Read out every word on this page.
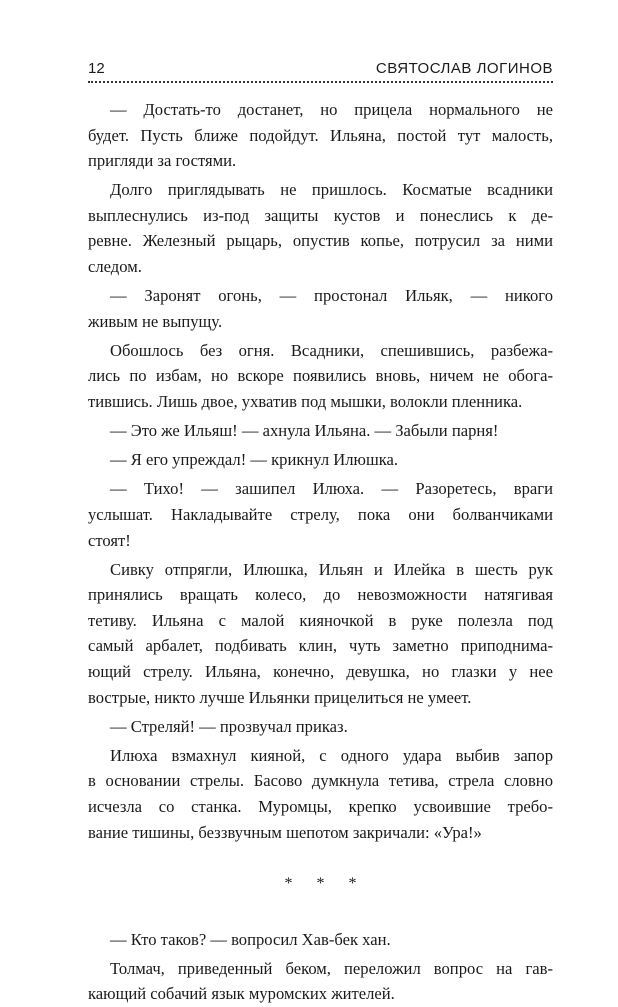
12	СВЯТОСЛАВ ЛОГИНОВ
— Достать-то достанет, но прицела нормального не
будет. Пусть ближе подойдут. Ильяна, постой тут малость,
пригляди за гостями.
Долго приглядывать не пришлось. Косматые всадники
выплеснулись из-под защиты кустов и понеслись к де-
ревне. Железный рыцарь, опустив копье, потрусил за ними
следом.
— Заронят огонь, — простонал Ильяк, — никого
живым не выпущу.
Обошлось без огня. Всадники, спешившись, разбежа-
лись по избам, но вскоре появились вновь, ничем не обога-
тившись. Лишь двое, ухватив под мышки, волокли пленника.
— Это же Ильяш! — ахнула Ильяна. — Забыли парня!
— Я его упреждал! — крикнул Илюшка.
— Тихо! — зашипел Илюха. — Разоретесь, враги
услышат. Накладывайте стрелу, пока они болванчиками
стоят!
Сивку отпрягли, Илюшка, Ильян и Илейка в шесть рук
принялись вращать колесо, до невозможности натягивая
тетиву. Ильяна с малой кияночкой в руке полезла под
самый арбалет, подбивать клин, чуть заметно приподнима-
ющий стрелу. Ильяна, конечно, девушка, но глазки у нее
вострые, никто лучше Ильянки прицелиться не умеет.
— Стреляй! — прозвучал приказ.
Илюха взмахнул кияной, с одного удара выбив запор
в основании стрелы. Басово думкнула тетива, стрела словно
исчезла со станка. Муромцы, крепко усвоившие требо-
вание тишины, беззвучным шепотом закричали: «Ура!»
* * *
— Кто таков? — вопросил Хав-бек хан.
Толмач, приведенный беком, переложил вопрос на гав-
кающий собачий язык муромских жителей.
